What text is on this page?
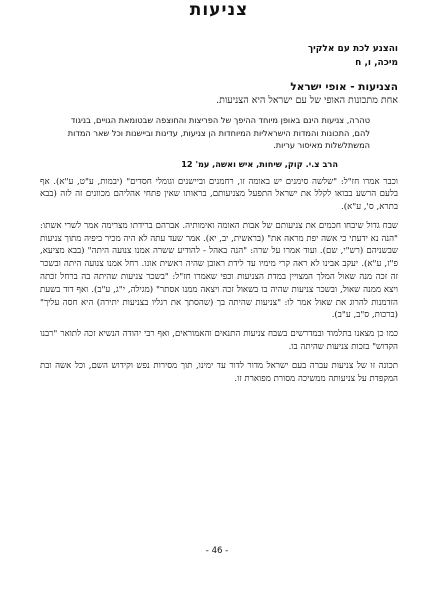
צניעות
והצנע לכת עם אלקיך
מיכה, ו, ח
הצניעות - אופי ישראל
אחת מתכונות האופי של עם ישראל היא הצניעות.
טהרה, צניעות הינם באופן מיוחד ההיפך של הפריצות והחוצפה שבטומאת הגויים, בניגוד להם, התכונות והמדות הישראליות המיוחדות הן צניעות, עדינות וביישנות וכל שאר המדות המשתלשלות מאיסור עריות.
הרב צ.י. קוק, שיחות, איש ואשה, עמ' 12

וכבר אמרו חז"ל: "שלשה סימנים יש באומה זו, רחמנים וביישנים וגומלי חסדים" (יבמות, ע"ט, ע"א). אף בלעם הרשע בבואו לקלל את ישראל התפעל מצניעותם, בראותו שאין פתחי אהליהם מכוונים זה לזה (בבא בתרא, ס', ע"א).

שבח גדול שיבחו חכמים את צניעותם של אבות האומה ואימותיה. אברהם ברידתו מצרימה אמר לשרי אשתו: "הנה נא ידעתי כי אשה יפת מראה את" (בראשית, יב, יא). אמר שעד עתה לא היה מכיר ביפיה מתוך צניעות שבשניהם (רש"י, שם). ועוד אמרו על שרה: "הנה באהל - להודיע ששרה אמנו צנועה היתה" (בבא מציעא, פ"ז, ע"א). יעקב אבינו לא ראה קרי מימיו עד לידת ראובן שהיה ראשית אונו. רחל אמנו צנועה היתה ובשכר זה זכה מנה שאול המלך המצויין במדת הצניעות וכפי שאמרו חז"ל: "בשכר צניעות שהיתה בה ברחל זכתה ויצא ממנה שאול, ובשכר צניעות שהיה בו בשאול זכה ויצאה ממנו אסתר" (מגילה, י"ג, ע"ב). ואף דוד בשעת הזדמנות להרוג את שאול אמר לו: "צניעות שהיתה בך (שהסתך את רגליו בצניעות יתירה) היא חסה עליך" (ברכות, ס"ב, ע"ב).

כמו כן מצאנו בתלמוד ובמדרשים בשבח צניעות התנאים והאמוראים, ואף רבי יהודה הנשיא זכה לתואר "רבנו הקדוש" בזכות צניעות שהיתה בו.

תכונה זו של צניעות עברה בעם ישראל מדור לדור עד ימינו, תוך מסירות נפש וקידוש השם, וכל אשה ובת המקפדת על צניעותה ממשיכה מסורת מפוארת זו.

- 46 -
